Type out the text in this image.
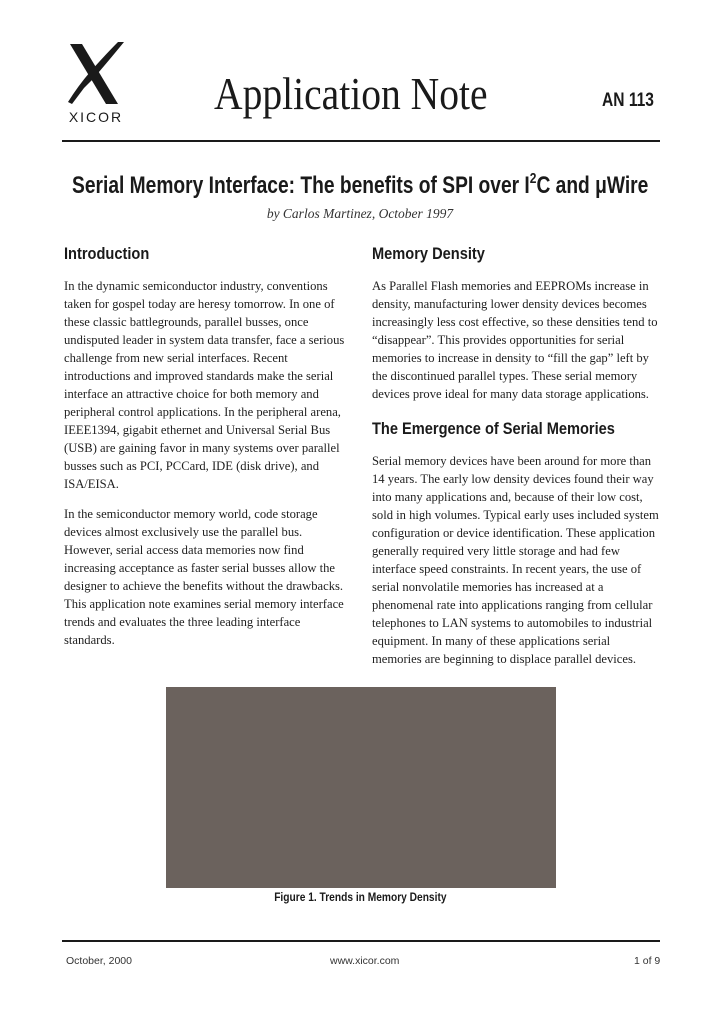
XICOR Application Note	AN 113
Serial Memory Interface: The benefits of SPI over $I^2C$ and μWire
by Carlos Martinez, October 1997
Introduction

In the dynamic semiconductor industry, conventions taken for gospel today are heresy tomorrow. In one of these classic battlegrounds, parallel busses, once undisputed leader in system data transfer, face a serious challenge from new serial interfaces. Recent introductions and improved standards make the serial interface an attractive choice for both memory and peripheral control applications. In the peripheral arena, IEEE1394, gigabit ethernet and Universal Serial Bus (USB) are gaining favor in many systems over parallel busses such as PCI, PCCard, IDE (disk drive), and ISA/EISA.

In the semiconductor memory world, code storage devices almost exclusively use the parallel bus. However, serial access data memories now find increasing acceptance as faster serial busses allow the designer to achieve the benefits without the drawbacks. This application note examines serial memory interface trends and evaluates the three leading interface standards.

Memory Density

As Parallel Flash memories and EEPROMs increase in density, manufacturing lower density devices becomes increasingly less cost effective, so these densities tend to “disappear”. This provides opportunities for serial memories to increase in density to “fill the gap” left by the discontinued parallel types. These serial memory devices prove ideal for many data storage applications.

The Emergence of Serial Memories

Serial memory devices have been around for more than 14 years. The early low density devices found their way into many applications and, because of their low cost, sold in high volumes. Typical early uses included system configuration or device identification. These application generally required very little storage and had few interface speed constraints. In recent years, the use of serial nonvolatile memories has increased at a phenomenal rate into applications ranging from cellular telephones to LAN systems to automobiles to industrial equipment. In many of these applications serial memories are beginning to displace parallel devices.

Figure 1. Trends in Memory Density
October, 2000	www.xicor.com	1 of 9
